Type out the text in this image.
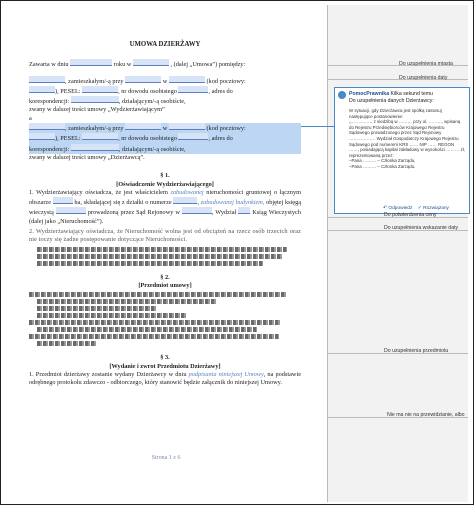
UMOWA DZIERŻAWY

Zawarta w dniu	roku w	, (dalej „Umowa”) pomiędzy:

, zamieszkałym/-ą przy	w	(kod pocztowy:

), PESEL:	, nr dowodu osobistego	, adres do

korespondencji:	, działającym/-ą osobiście,

zwany w dalszej treści umowy „Wydzierżawiającym”

a

, zamieszkałym/-ą przy	w	(kod pocztowy:

), PESEL:	, nr dowodu osobistego	, adres do

korespondencji:	, działającym/-ą osobiście,

zwany w dalszej treści umowy „Dzierżawcą”.

§ 1.

[Oświadczenie Wydzierżawiającego]

1. Wydzierżawiający oświadcza, że jest właścicielem zabudowanej nieruchomości gruntowej o łącznym obszarze	ha, składającej się z działki o numerze	, zabudowanej budynkiem, objętej księgą wieczystą	prowadzoną przez Sąd Rejonowy w	, Wydział	Ksiąg Wieczystych (dalej jako „Nieruchomość”).

2. Wydzierżawiający oświadcza, że Nieruchomość wolna jest od obciążeń na rzecz osób trzecich oraz nie toczy się żadne postępowanie dotyczące Nieruchomości.

§ 2.

[Przedmiot umowy]

§ 3.

[Wydanie i zwrot Przedmiotu Dzierżawy]

1. Przedmiot dzierżawy zostanie wydany Dzierżawcy w dniu podpisania niniejszej Umowy, na podstawie odrębnego protokołu zdawczo - odbiorczego, który stanowić będzie załącznik do niniejszej Umowy.

Strona 1 z 6
Do uzupełnienia miasta
Do uzupełnienia daty
PomocPrawnika Kilka sekund temu
Do uzupełnienia danych Dzierżawcy:
W sytuacji, gdy Dzierżawca jest spółką zastosuj następujące postanowienie:
„…………… z siedzibą w ……… przy ul. ………, wpisaną do Rejestru Przedsiębiorców Krajowego Rejestru Sądowego prowadzonego przez Sąd Rejonowy ……………… Wydział Gospodarczy Krajowego Rejestru Sądowego pod numerem KRS …… NIP …… REGON ……, posiadającą kapitał zakładowy w wysokości ……… zł, reprezentowaną przez:
–Pana ……… – Członka Zarządu,
–Pana ……… – Członka Zarządu.
↶ Odpowiedz ✓ Rozwiązany
Do potwierdzenia ceny
Do uzupełnienia wskazanie daty
Do uzupełnienia przedmiotu
Nie ma nie na przewidzianie, albo
